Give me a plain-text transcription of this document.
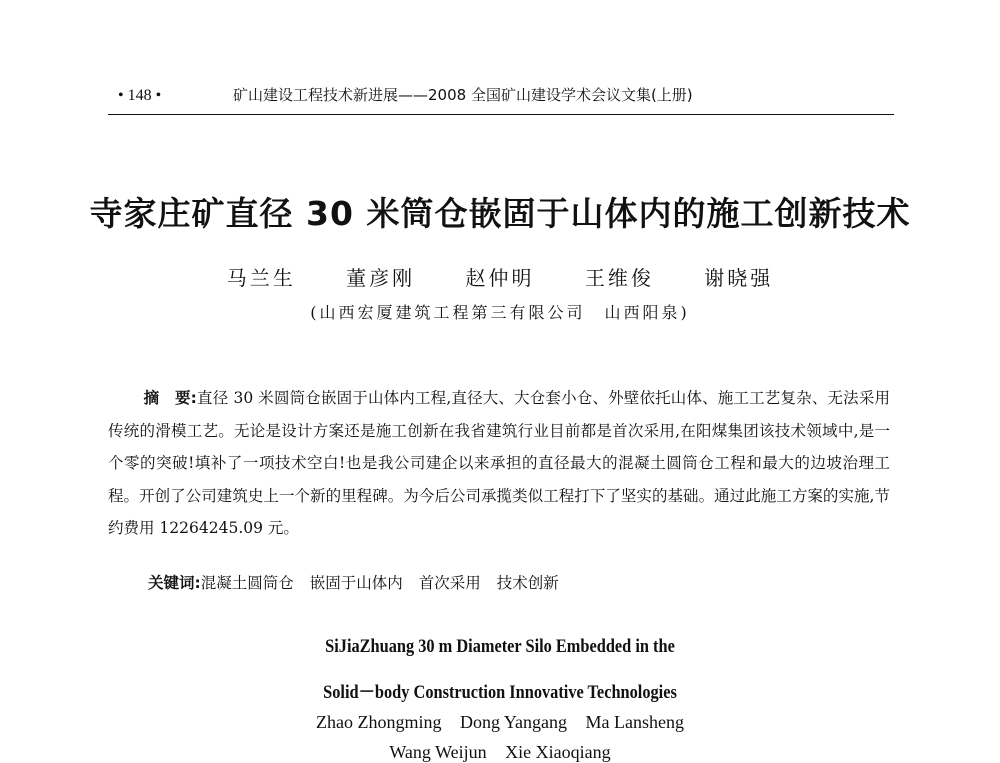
• 148 •	矿山建设工程技术新进展——2008 全国矿山建设学术会议文集(上册)
寺家庄矿直径 30 米筒仓嵌固于山体内的施工创新技术
马兰生	董彦刚	赵仲明	王维俊	谢晓强
(山西宏厦建筑工程第三有限公司　山西阳泉)
摘　要:直径 30 米圆筒仓嵌固于山体内工程,直径大、大仓套小仓、外壁依托山体、施工工艺复杂、无法采用传统的滑模工艺。无论是设计方案还是施工创新在我省建筑行业目前都是首次采用,在阳煤集团该技术领域中,是一个零的突破!填补了一项技术空白!也是我公司建企以来承担的直径最大的混凝土圆筒仓工程和最大的边坡治理工程。开创了公司建筑史上一个新的里程碑。为今后公司承揽类似工程打下了坚实的基础。通过此施工方案的实施,节约费用 12264245.09 元。
关键词:混凝土圆筒仓 嵌固于山体内 首次采用 技术创新
SiJiaZhuang 30 m Diameter Silo Embedded in the
Solid－body Construction Innovative Technologies
Zhao Zhongming Dong Yangang Ma Lansheng
Wang Weijun Xie Xiaoqiang
